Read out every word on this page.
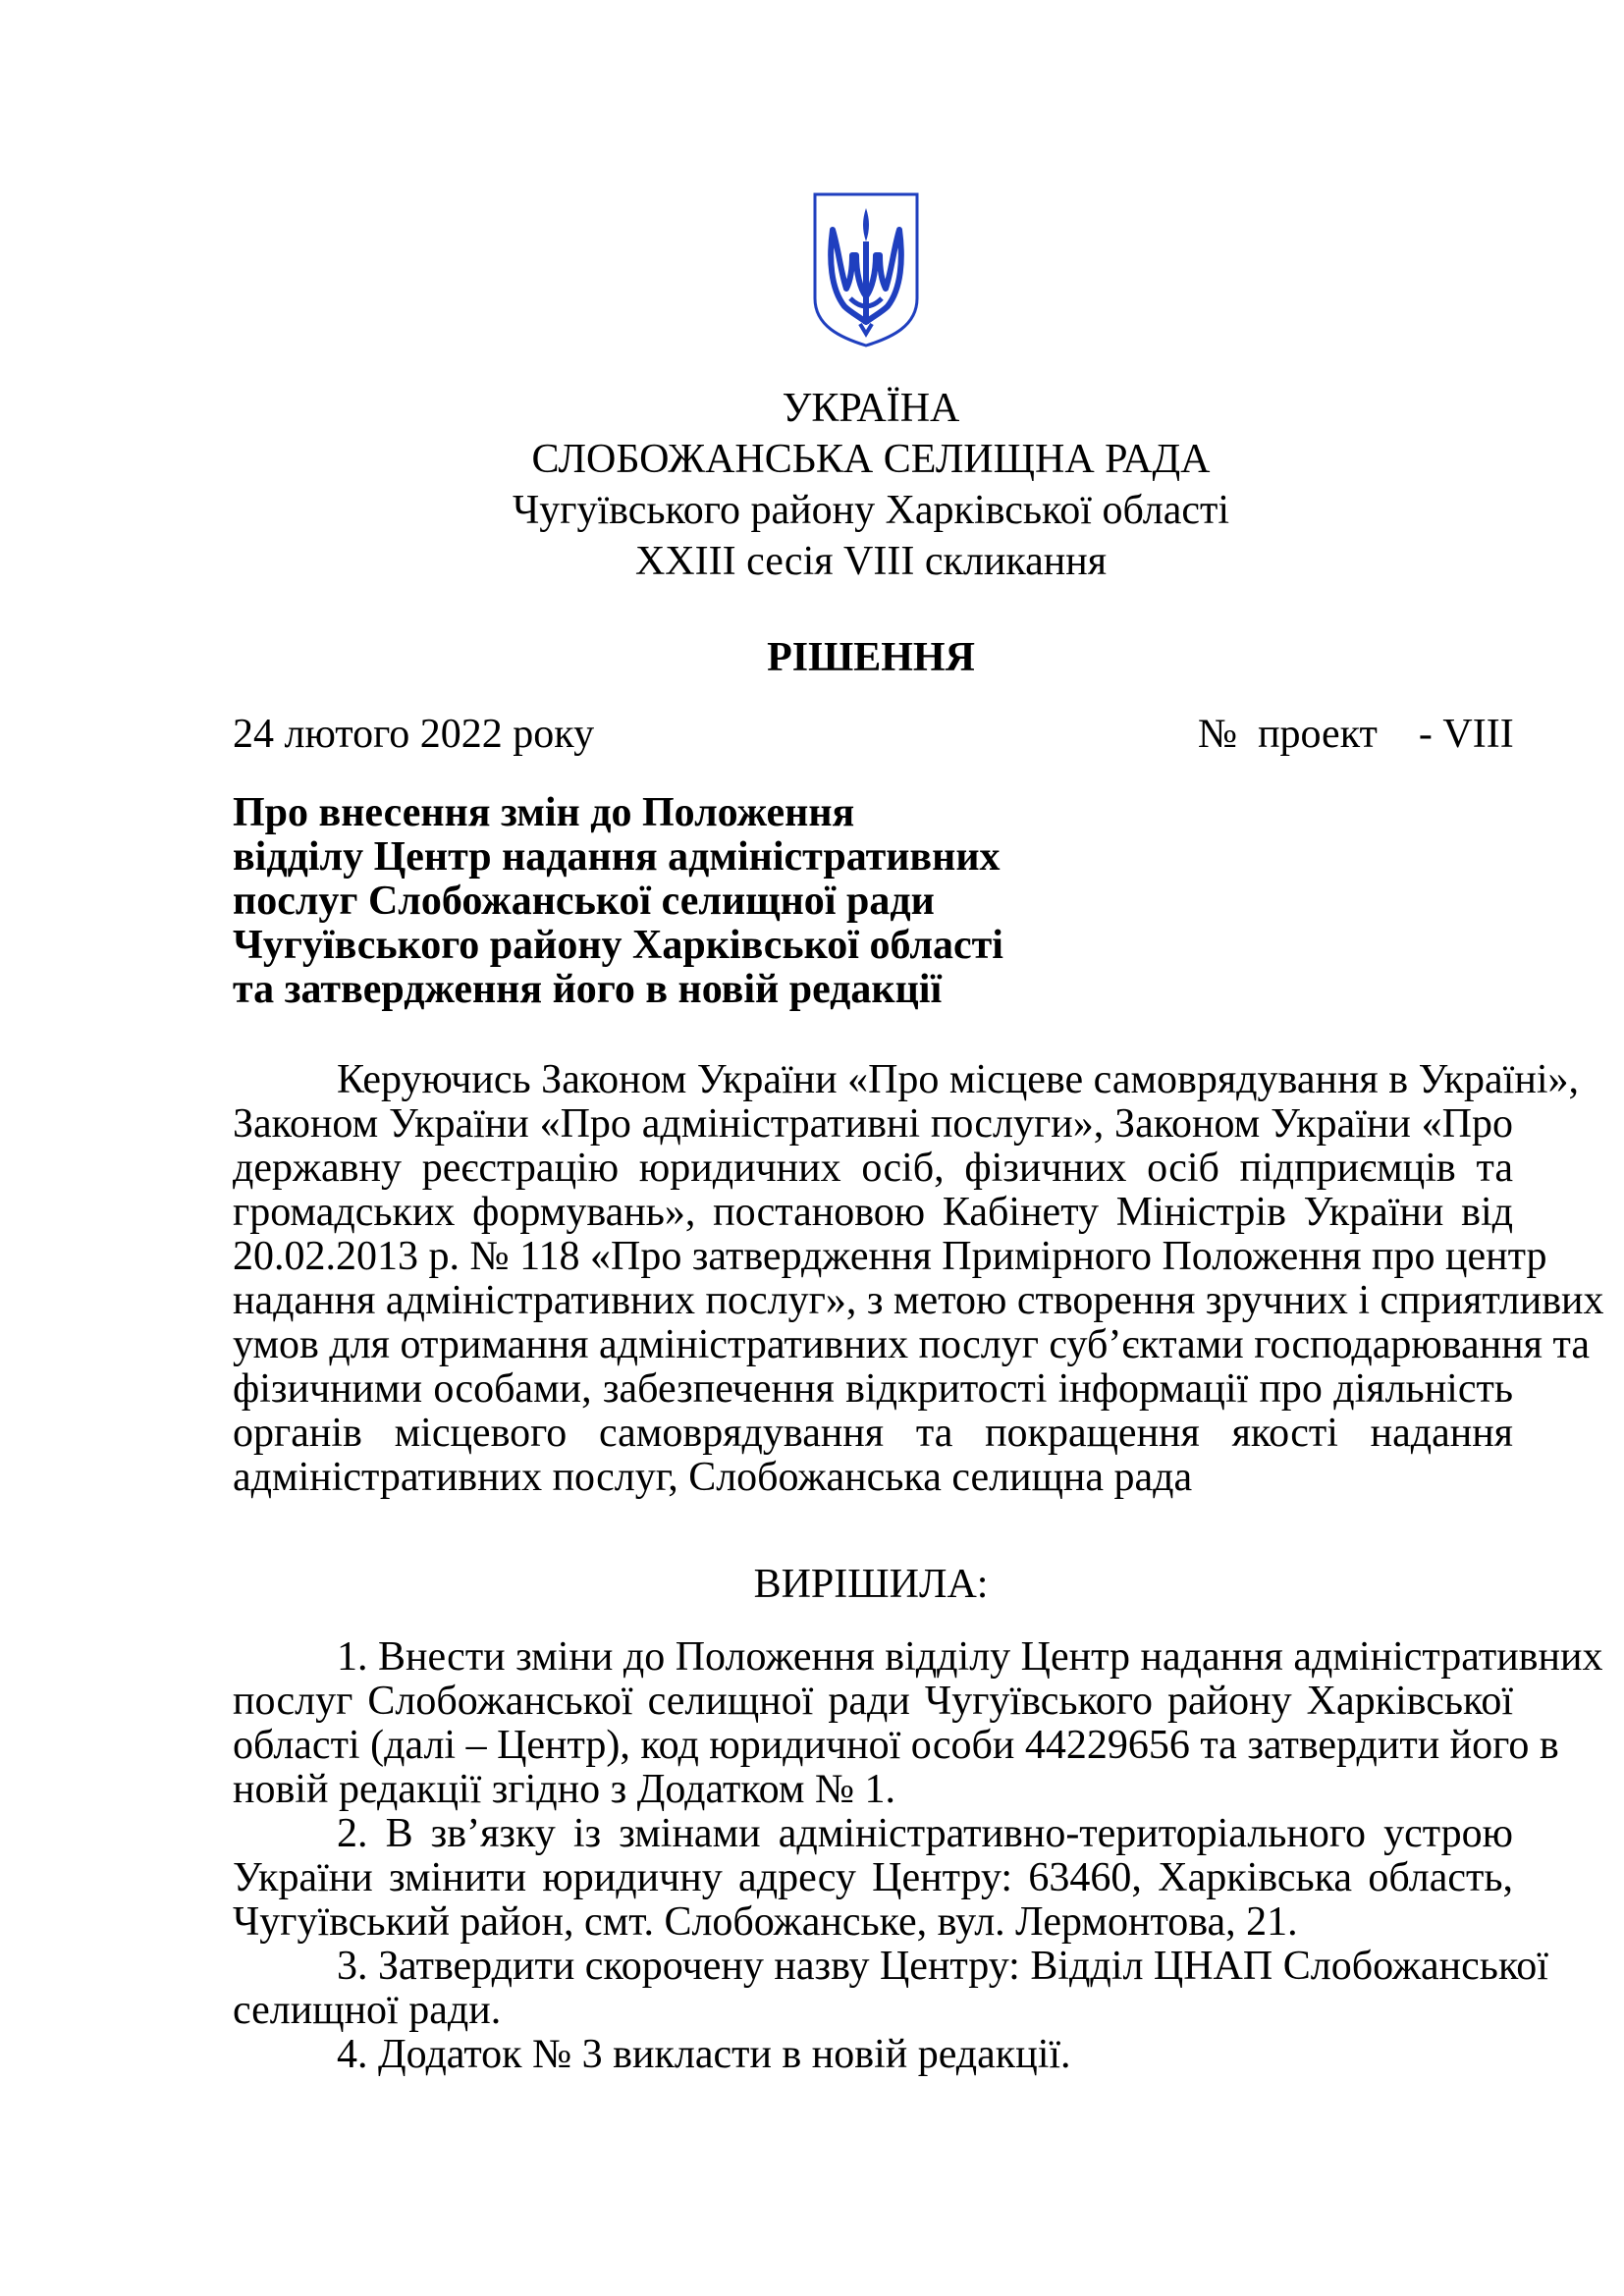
УКРАЇНА
СЛОБОЖАНСЬКА СЕЛИЩНА РАДА
Чугуївського району Харківської області
XXIII сесія VIII скликання
РІШЕННЯ
24 лютого 2022 року	№  проект    - VIII
Про внесення змін до Положення
відділу Центр надання адміністративних
послуг Слобожанської селищної ради
Чугуївського району Харківської області
та затвердження його в новій редакції
Керуючись Законом України «Про місцеве самоврядування в Україні»,
Законом України «Про адміністративні послуги», Законом України «Про
державну реєстрацію юридичних осіб, фізичних осіб підприємців та
громадських формувань», постановою Кабінету Міністрів України від
20.02.2013 р. № 118 «Про затвердження Примірного Положення про центр
надання адміністративних послуг», з метою створення зручних і сприятливих
умов для отримання адміністративних послуг суб’єктами господарювання та
фізичними особами, забезпечення відкритості інформації про діяльність
органів місцевого самоврядування та покращення якості надання
адміністративних послуг, Слобожанська селищна рада
ВИРІШИЛА:
1. Внести зміни до Положення відділу Центр надання адміністративних
послуг Слобожанської селищної ради Чугуївського району Харківської
області (далі – Центр), код юридичної особи 44229656 та затвердити його в
новій редакції згідно з Додатком № 1.
2. В зв’язку із змінами адміністративно-територіального устрою
України змінити юридичну адресу Центру: 63460, Харківська область,
Чугуївський район, смт. Слобожанське, вул. Лермонтова, 21.
3. Затвердити скорочену назву Центру: Відділ ЦНАП Слобожанської
селищної ради.
4. Додаток № 3 викласти в новій редакції.
